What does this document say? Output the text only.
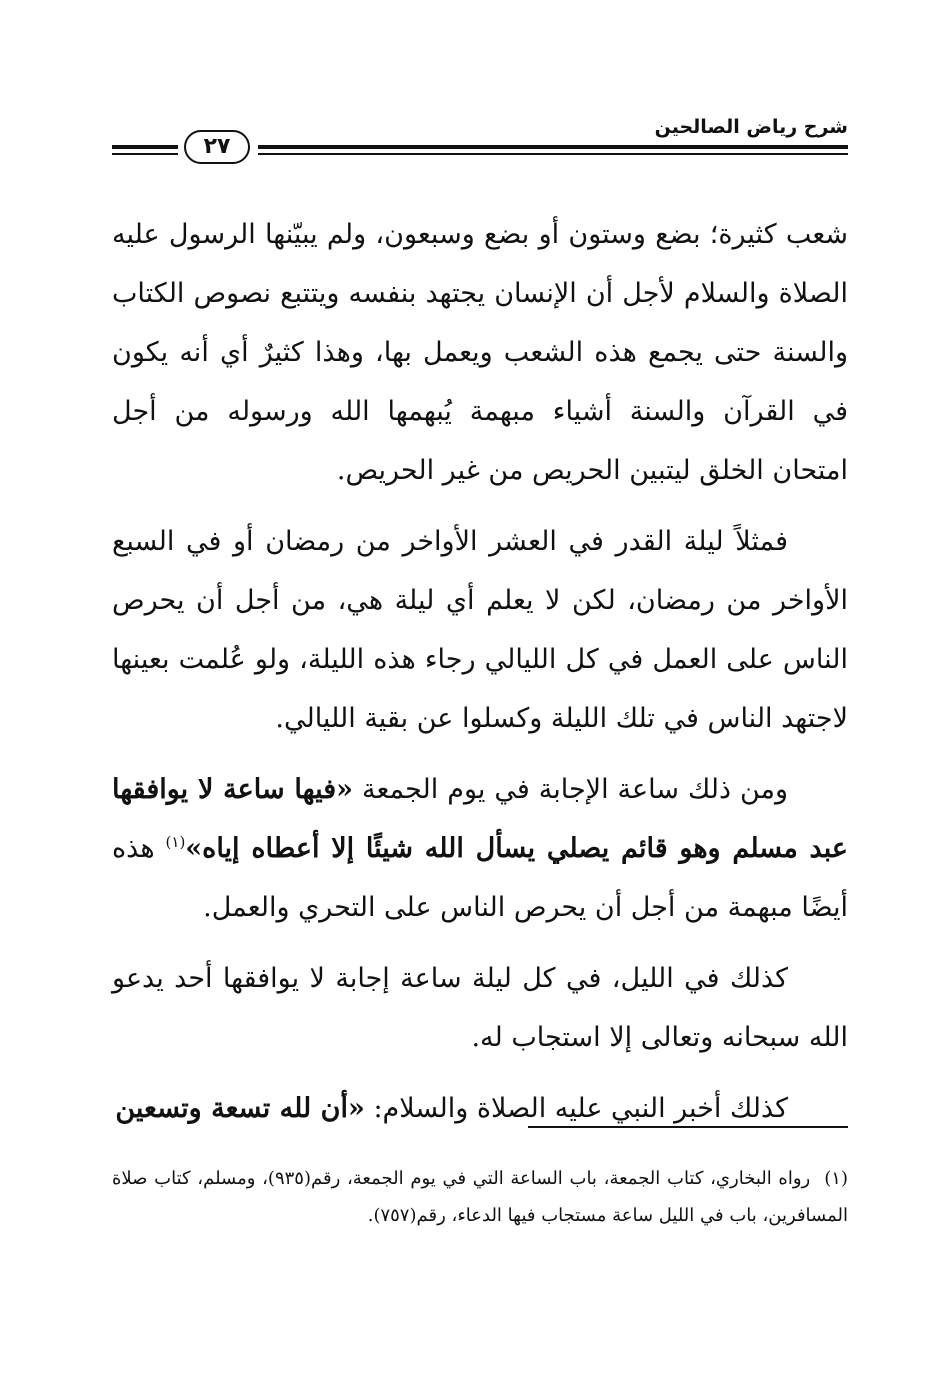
شرح رياض الصالحين
٢٧

شعب كثيرة؛ بضع وستون أو بضع وسبعون، ولم يبيّنها الرسول عليه الصلاة والسلام لأجل أن الإنسان يجتهد بنفسه ويتتبع نصوص الكتاب والسنة حتى يجمع هذه الشعب ويعمل بها، وهذا كثيرٌ أي أنه يكون في القرآن والسنة أشياء مبهمة يُبهمها الله ورسوله من أجل امتحان الخلق ليتبين الحريص من غير الحريص.

فمثلاً ليلة القدر في العشر الأواخر من رمضان أو في السبع الأواخر من رمضان، لكن لا يعلم أي ليلة هي، من أجل أن يحرص الناس على العمل في كل الليالي رجاء هذه الليلة، ولو عُلمت بعينها لاجتهد الناس في تلك الليلة وكسلوا عن بقية الليالي.

ومن ذلك ساعة الإجابة في يوم الجمعة «فيها ساعة لا يوافقها عبد مسلم وهو قائم يصلي يسأل الله شيئًا إلا أعطاه إياه»$^{(١)}$ هذه أيضًا مبهمة من أجل أن يحرص الناس على التحري والعمل.

كذلك في الليل، في كل ليلة ساعة إجابة لا يوافقها أحد يدعو الله سبحانه وتعالى إلا استجاب له.

كذلك أخبر النبي عليه الصلاة والسلام: «أن لله تسعة وتسعين

(١)رواه البخاري، كتاب الجمعة، باب الساعة التي في يوم الجمعة، رقم(٩٣٥)، ومسلم، كتاب صلاة المسافرين، باب في الليل ساعة مستجاب فيها الدعاء، رقم(٧٥٧).
